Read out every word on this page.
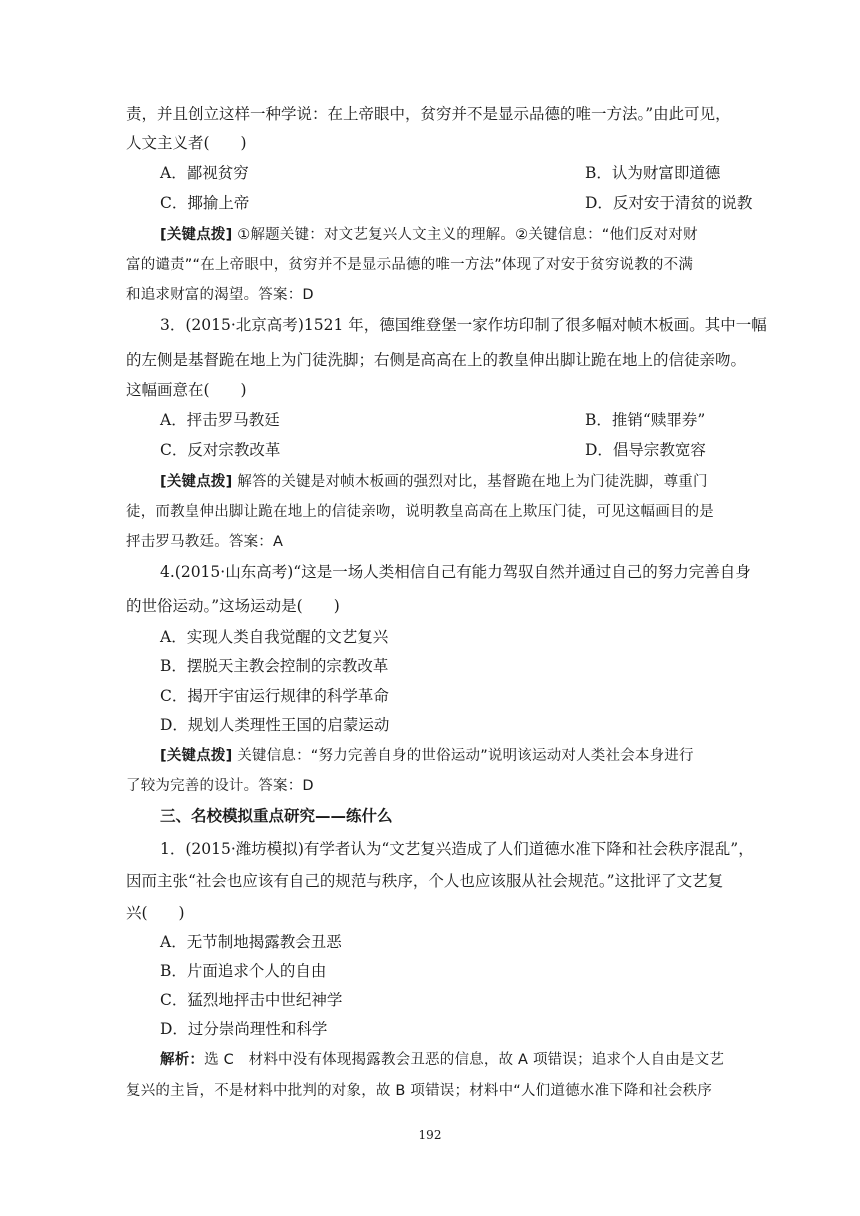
责，并且创立这样一种学说：在上帝眼中，贫穷并不是显示品德的唯一方法。”由此可见，
人文主义者(　　)
A．鄙视贫穷	B．认为财富即道德
C．揶揄上帝	D．反对安于清贫的说教
[关键点拨] ①解题关键：对文艺复兴人文主义的理解。②关键信息：“他们反对对财
富的谴责”“在上帝眼中，贫穷并不是显示品德的唯一方法”体现了对安于贫穷说教的不满
和追求财富的渴望。答案：D
3．(2015·北京高考)1521 年，德国维登堡一家作坊印制了很多幅对帧木板画。其中一幅
的左侧是基督跪在地上为门徒洗脚；右侧是高高在上的教皇伸出脚让跪在地上的信徒亲吻。
这幅画意在(　　)
A．抨击罗马教廷	B．推销“赎罪券”
C．反对宗教改革	D．倡导宗教宽容
[关键点拨] 解答的关键是对帧木板画的强烈对比，基督跪在地上为门徒洗脚，尊重门
徒，而教皇伸出脚让跪在地上的信徒亲吻，说明教皇高高在上欺压门徒，可见这幅画目的是
抨击罗马教廷。答案：A
4.(2015·山东高考)“这是一场人类相信自己有能力驾驭自然并通过自己的努力完善自身
的世俗运动。”这场运动是(　　)
A．实现人类自我觉醒的文艺复兴
B．摆脱天主教会控制的宗教改革
C．揭开宇宙运行规律的科学革命
D．规划人类理性王国的启蒙运动
[关键点拨] 关键信息：“努力完善自身的世俗运动”说明该运动对人类社会本身进行
了较为完善的设计。答案：D
三、名校模拟重点研究——练什么
1．(2015·潍坊模拟)有学者认为“文艺复兴造成了人们道德水准下降和社会秩序混乱”，
因而主张“社会也应该有自己的规范与秩序，个人也应该服从社会规范。”这批评了文艺复
兴(　　)
A．无节制地揭露教会丑恶
B．片面追求个人的自由
C．猛烈地抨击中世纪神学
D．过分崇尚理性和科学
解析：选 C　材料中没有体现揭露教会丑恶的信息，故 A 项错误；追求个人自由是文艺
复兴的主旨，不是材料中批判的对象，故 B 项错误；材料中“人们道德水准下降和社会秩序
192
